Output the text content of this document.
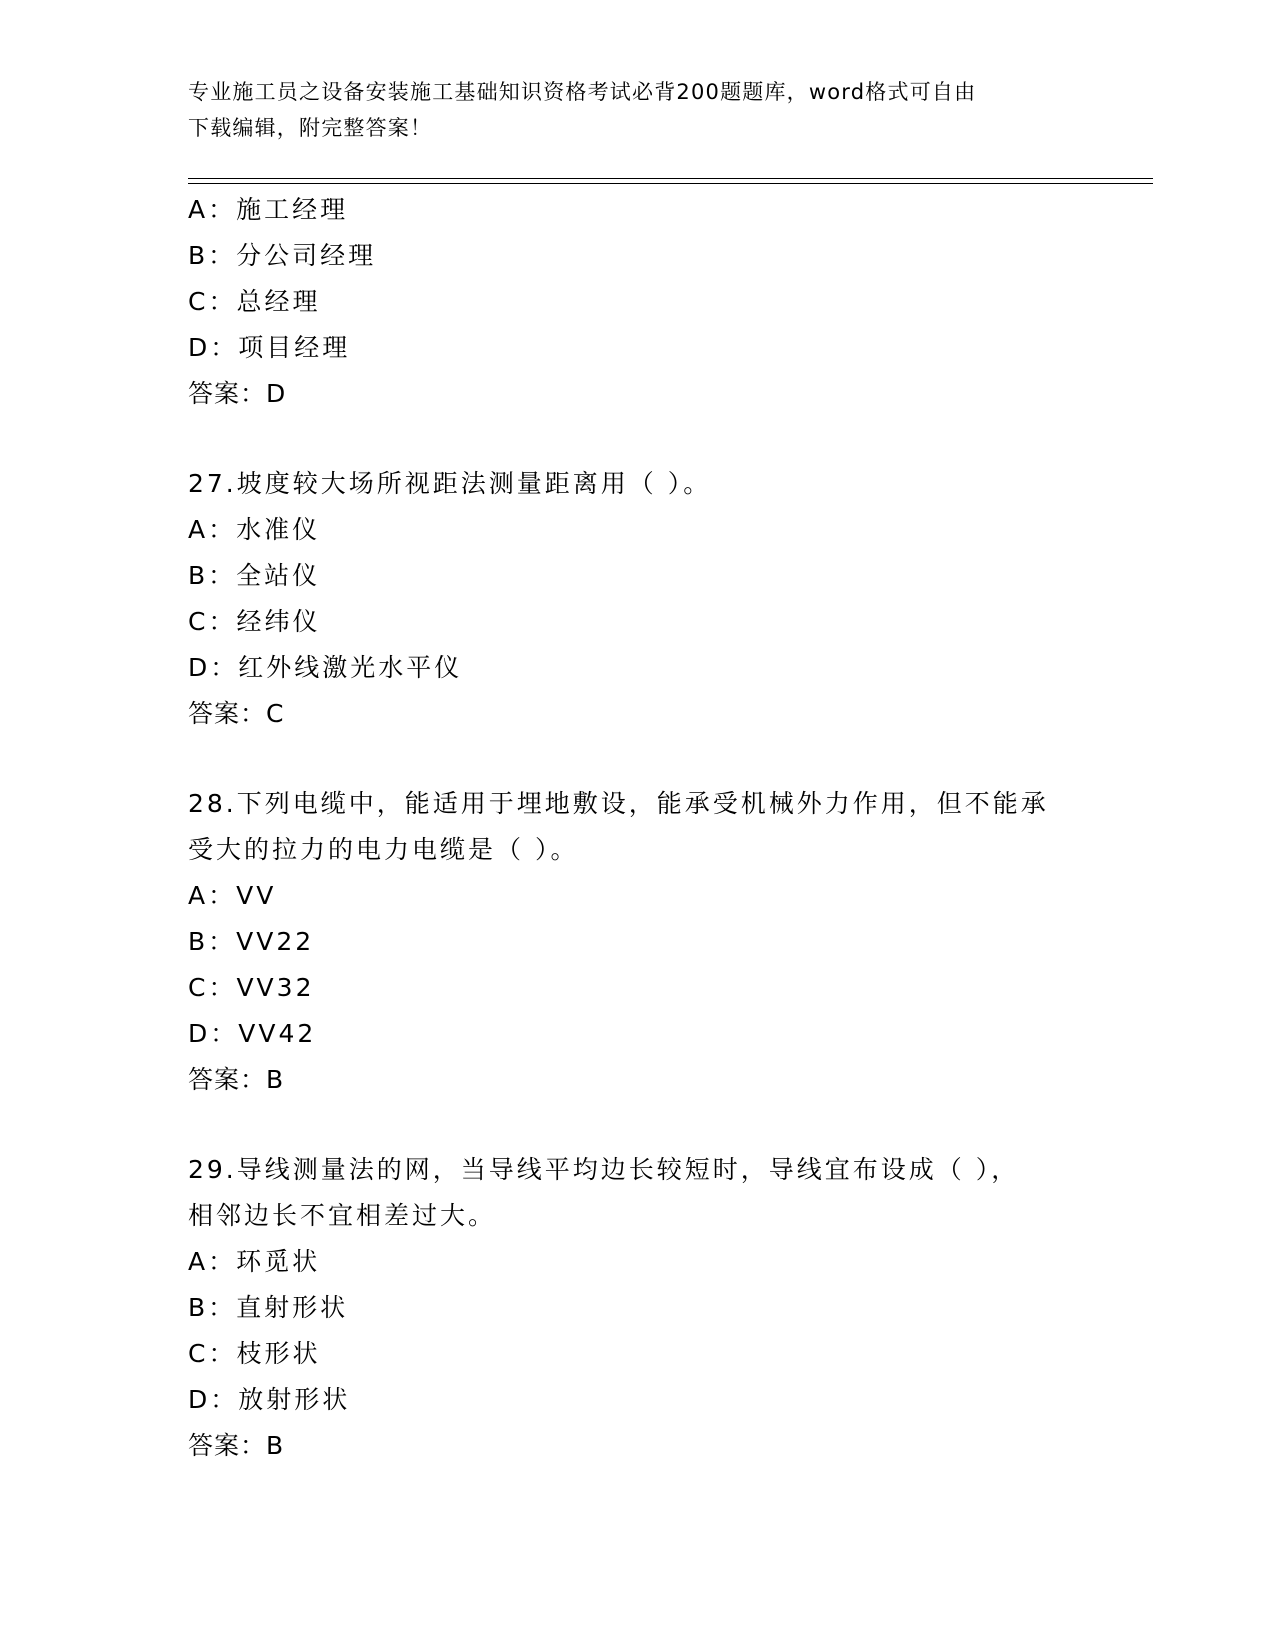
专业施工员之设备安装施工基础知识资格考试必背200题题库，word格式可自由
下载编辑，附完整答案！
A：施工经理
B：分公司经理
C：总经理
D：项目经理
答案：D
27.坡度较大场所视距法测量距离用（ ）。
A：水准仪
B：全站仪
C：经纬仪
D：红外线激光水平仪
答案：C
28.下列电缆中，能适用于埋地敷设，能承受机械外力作用，但不能承
受大的拉力的电力电缆是（ ）。
A：VV
B：VV22
C：VV32
D：VV42
答案：B
29.导线测量法的网，当导线平均边长较短时，导线宜布设成（ ），
相邻边长不宜相差过大。
A：环觅状
B：直射形状
C：枝形状
D：放射形状
答案：B
